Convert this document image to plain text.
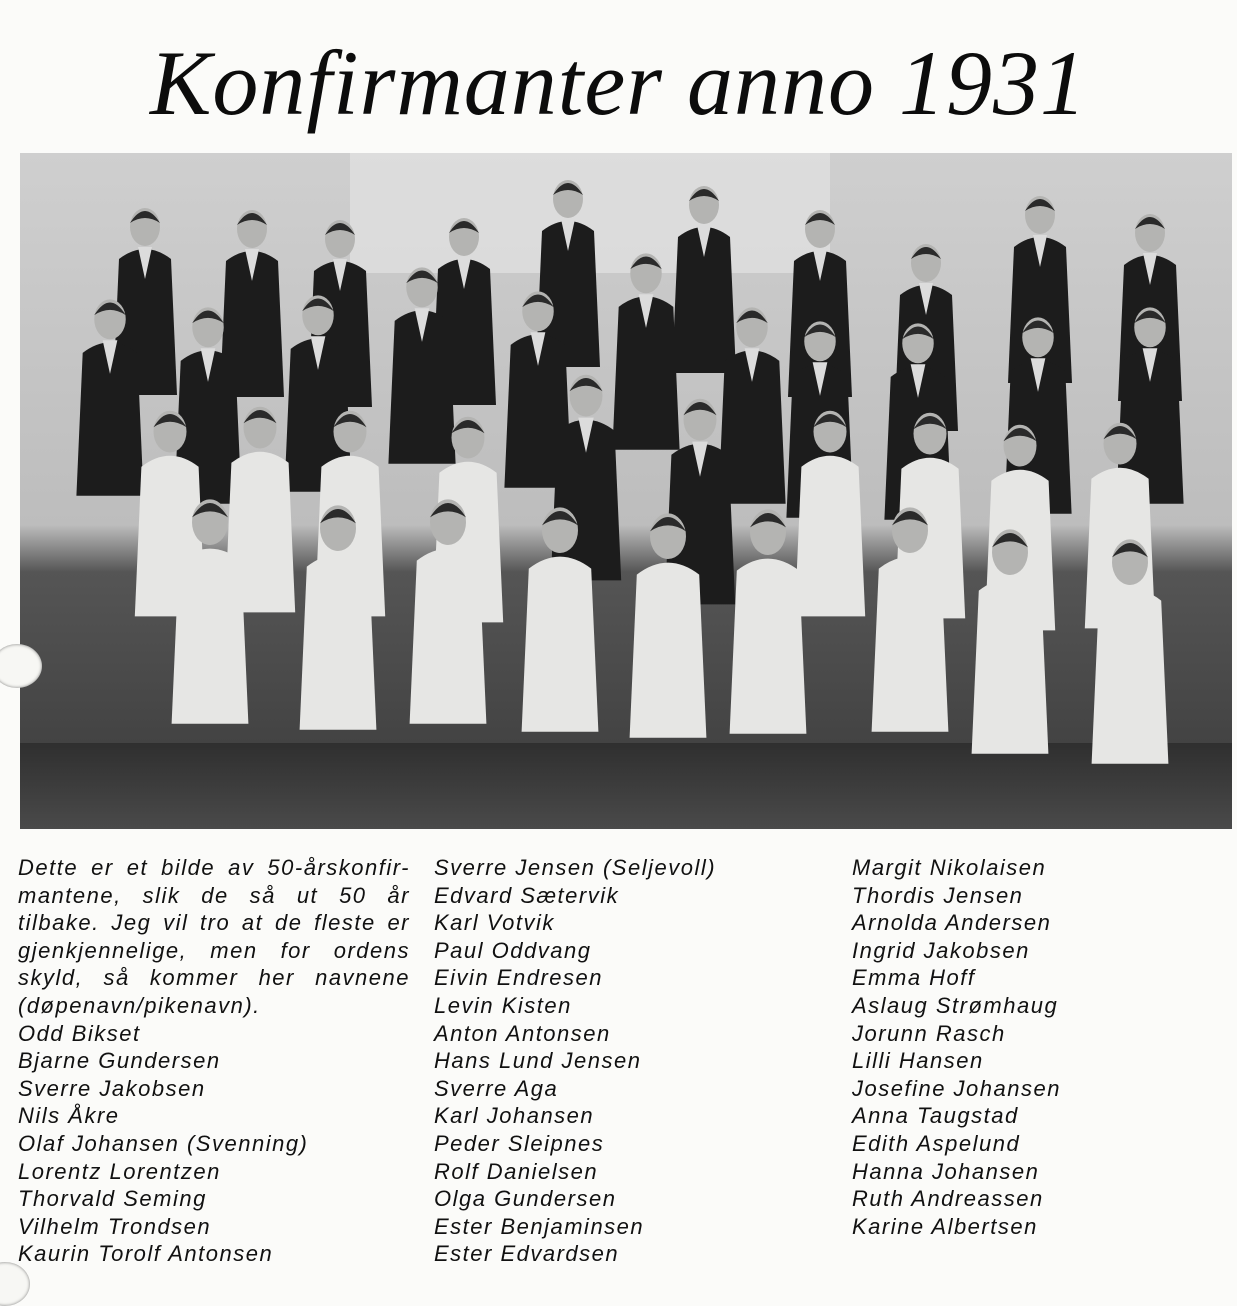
Konfirmanter anno 1931
Dette er et bilde av 50-årskonfir-
mantene, slik de så ut 50 år
tilbake. Jeg vil tro at de fleste er
gjenkjennelige, men for ordens
skyld, så kommer her navnene
(døpenavn/pikenavn).
Odd Bikset
Bjarne Gundersen
Sverre Jakobsen
Nils Åkre
Olaf Johansen (Svenning)
Lorentz Lorentzen
Thorvald Seming
Vilhelm Trondsen
Kaurin Torolf Antonsen
Sverre Jensen (Seljevoll)
Edvard Sætervik
Karl Votvik
Paul Oddvang
Eivin Endresen
Levin Kisten
Anton Antonsen
Hans Lund Jensen
Sverre Aga
Karl Johansen
Peder Sleipnes
Rolf Danielsen
Olga Gundersen
Ester Benjaminsen
Ester Edvardsen
Margit Nikolaisen
Thordis Jensen
Arnolda Andersen
Ingrid Jakobsen
Emma Hoff
Aslaug Strømhaug
Jorunn Rasch
Lilli Hansen
Josefine Johansen
Anna Taugstad
Edith Aspelund
Hanna Johansen
Ruth Andreassen
Karine Albertsen
